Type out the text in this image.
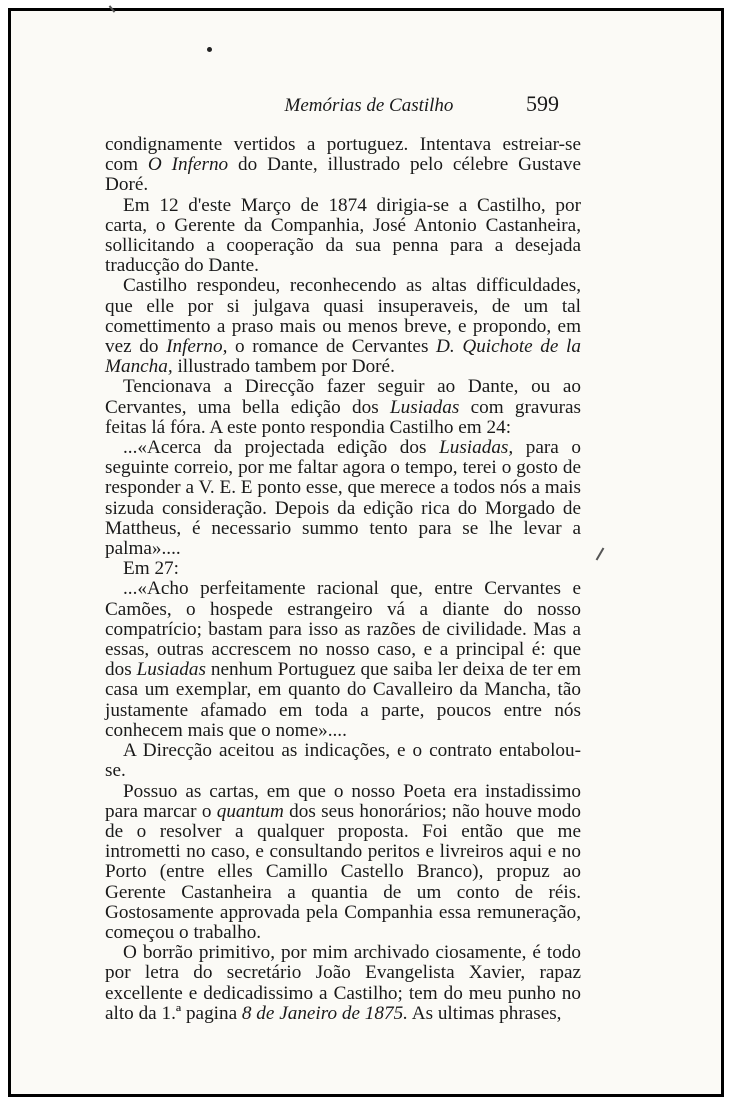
Memórias de Castilho	599

condignamente vertidos a portuguez. Intentava estreiar-se com O Inferno do Dante, illustrado pelo célebre Gustave Doré.

Em 12 d'este Março de 1874 dirigia-se a Castilho, por carta, o Gerente da Companhia, José Antonio Castanheira, sollicitando a cooperação da sua penna para a desejada traducção do Dante.

Castilho respondeu, reconhecendo as altas difficuldades, que elle por si julgava quasi insuperaveis, de um tal comettimento a praso mais ou menos breve, e propondo, em vez do Inferno, o romance de Cervantes D. Quichote de la Mancha, illustrado tambem por Doré.

Tencionava a Direcção fazer seguir ao Dante, ou ao Cervantes, uma bella edição dos Lusiadas com gravuras feitas lá fóra. A este ponto respondia Castilho em 24:

...«Acerca da projectada edição dos Lusiadas, para o seguinte correio, por me faltar agora o tempo, terei o gosto de responder a V. E. E ponto esse, que merece a todos nós a mais sizuda consideração. Depois da edição rica do Morgado de Mattheus, é necessario summo tento para se lhe levar a palma»....

Em 27:

...«Acho perfeitamente racional que, entre Cervantes e Camões, o hospede estrangeiro vá a diante do nosso compatrício; bastam para isso as razões de civilidade. Mas a essas, outras accrescem no nosso caso, e a principal é: que dos Lusiadas nenhum Portuguez que saiba ler deixa de ter em casa um exemplar, em quanto do Cavalleiro da Mancha, tão justamente afamado em toda a parte, poucos entre nós conhecem mais que o nome»....

A Direcção aceitou as indicações, e o contrato entabolou-se.

Possuo as cartas, em que o nosso Poeta era instadissimo para marcar o quantum dos seus honorários; não houve modo de o resolver a qualquer proposta. Foi então que me intrometti no caso, e consultando peritos e livreiros aqui e no Porto (entre elles Camillo Castello Branco), propuz ao Gerente Castanheira a quantia de um conto de réis. Gostosamente approvada pela Companhia essa remuneração, começou o trabalho.

O borrão primitivo, por mim archivado ciosamente, é todo por letra do secretário João Evangelista Xavier, rapaz excellente e dedicadissimo a Castilho; tem do meu punho no alto da 1.ª pagina 8 de Janeiro de 1875. As ultimas phrases,
